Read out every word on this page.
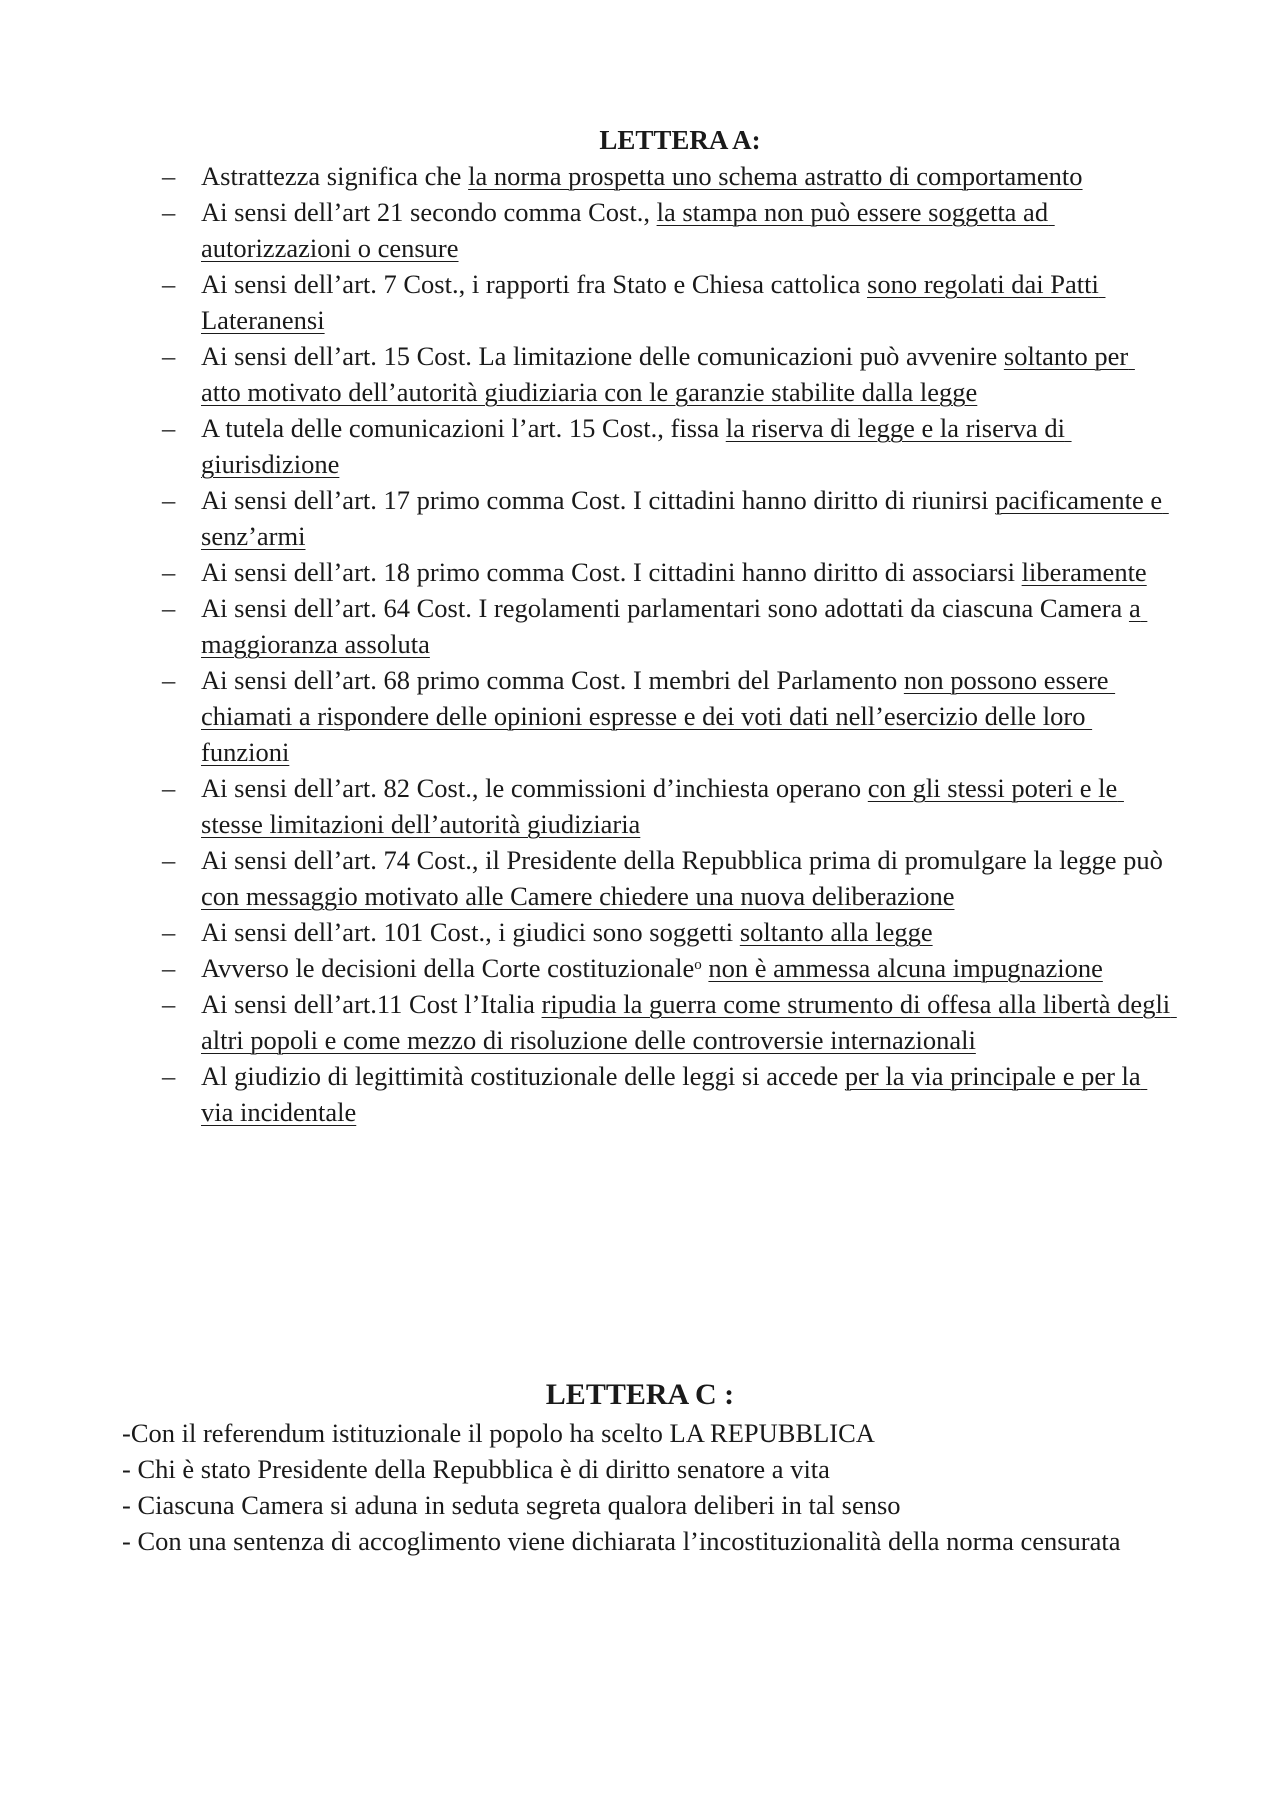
LETTERA A:
– Astrattezza significa che la norma prospetta uno schema astratto di comportamento
– Ai sensi dell’art 21 secondo comma Cost., la stampa non può essere soggetta ad autorizzazioni o censure
– Ai sensi dell’art. 7 Cost., i rapporti fra Stato e Chiesa cattolica sono regolati dai Patti Lateranensi
– Ai sensi dell’art. 15 Cost. La limitazione delle comunicazioni può avvenire soltanto per atto motivato dell’autorità giudiziaria con le garanzie stabilite dalla legge
– A tutela delle comunicazioni l’art. 15 Cost., fissa la riserva di legge e la riserva di giurisdizione
– Ai sensi dell’art. 17 primo comma Cost. I cittadini hanno diritto di riunirsi pacificamente e senz’armi
– Ai sensi dell’art. 18 primo comma Cost. I cittadini hanno diritto di associarsi liberamente
– Ai sensi dell’art. 64 Cost. I regolamenti parlamentari sono adottati da ciascuna Camera a maggioranza assoluta
– Ai sensi dell’art. 68 primo comma Cost. I membri del Parlamento non possono essere chiamati a rispondere delle opinioni espresse e dei voti dati nell’esercizio delle loro funzioni
– Ai sensi dell’art. 82 Cost., le commissioni d’inchiesta operano con gli stessi poteri e le stesse limitazioni dell’autorità giudiziaria
– Ai sensi dell’art. 74 Cost., il Presidente della Repubblica prima di promulgare la legge può con messaggio motivato alle Camere chiedere una nuova deliberazione
– Ai sensi dell’art. 101 Cost., i giudici sono soggetti soltanto alla legge
– Avverso le decisioni della Corte costituzionale$^o$ non è ammessa alcuna impugnazione
– Ai sensi dell’art.11 Cost l’Italia ripudia la guerra come strumento di offesa alla libertà degli altri popoli e come mezzo di risoluzione delle controversie internazionali
– Al giudizio di legittimità costituzionale delle leggi si accede per la via principale e per la via incidentale
LETTERA C :
-Con il referendum istituzionale il popolo ha scelto LA REPUBBLICA
- Chi è stato Presidente della Repubblica è di diritto senatore a vita
- Ciascuna Camera si aduna in seduta segreta qualora deliberi in tal senso
- Con una sentenza di accoglimento viene dichiarata l’incostituzionalità della norma censurata
